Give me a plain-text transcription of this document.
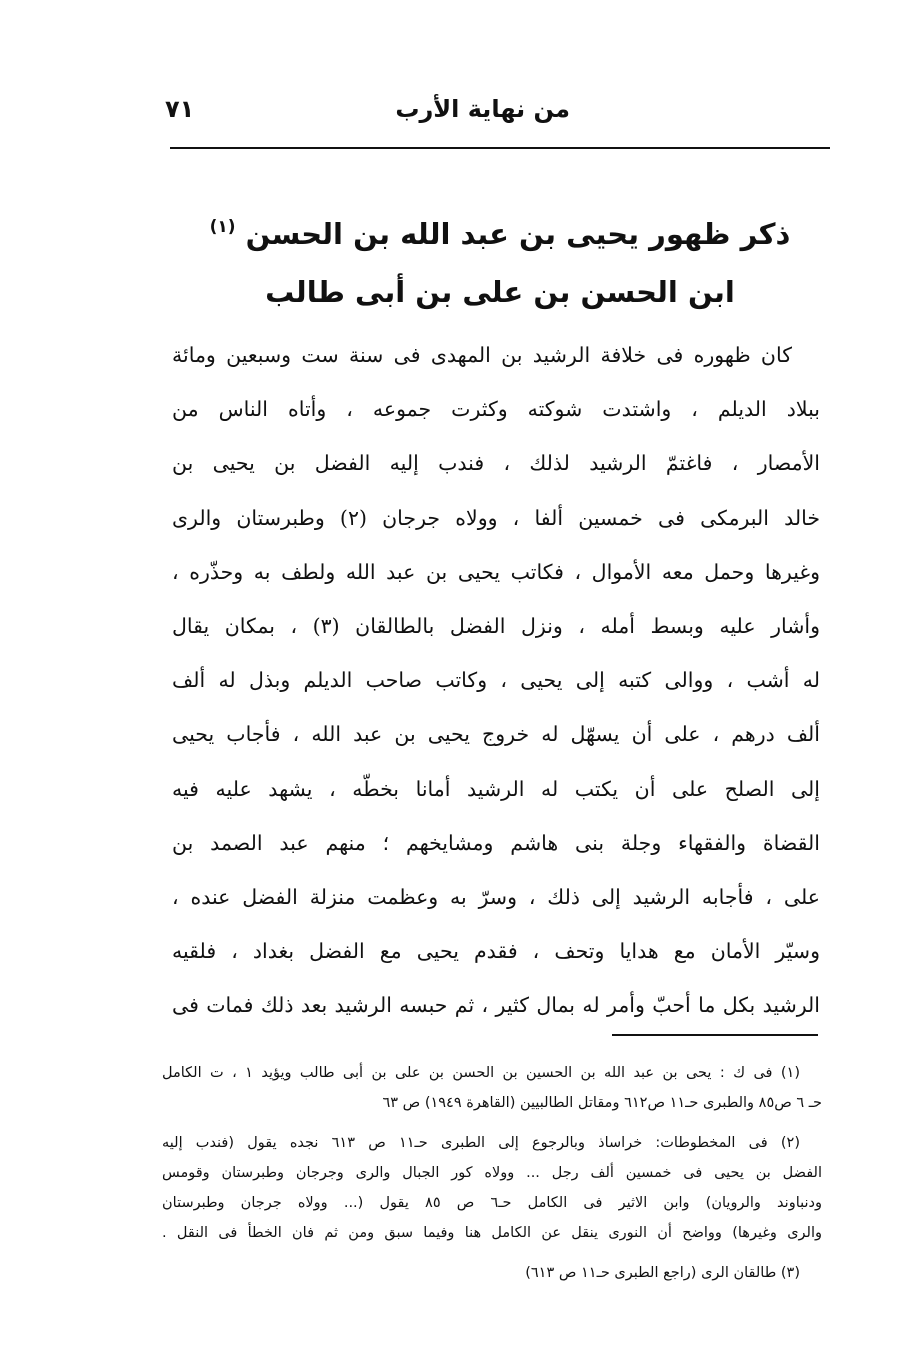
من نهاية الأرب
٧١
ذكر ظهور يحيى بن عبد الله بن الحسن $^{(١)}$
ابن الحسن بن على بن أبى طالب
كان ظهوره فى خلافة الرشيد بن المهدى فى سنة ست وسبعين ومائة
ببلاد الديلم ، واشتدت شوكته وكثرت جموعه ، وأتاه الناس من
الأمصار ، فاغتمّ الرشيد لذلك ، فندب إليه الفضل بن يحيى بن
خالد البرمكى فى خمسين ألفا ، وولاه جرجان (٢) وطبرستان والرى
وغيرها وحمل معه الأموال ، فكاتب يحيى بن عبد الله ولطف به وحذّره ،
وأشار عليه وبسط أمله ، ونزل الفضل بالطالقان (٣) ، بمكان يقال
له أشب ، ووالى كتبه إلى يحيى ، وكاتب صاحب الديلم وبذل له ألف
ألف درهم ، على أن يسهّل له خروج يحيى بن عبد الله ، فأجاب يحيى
إلى الصلح على أن يكتب له الرشيد أمانا بخطّه ، يشهد عليه فيه
القضاة والفقهاء وجلة بنى هاشم ومشايخهم ؛ منهم عبد الصمد بن
على ، فأجابه الرشيد إلى ذلك ، وسرّ به وعظمت منزلة الفضل عنده ،
وسيّر الأمان مع هدايا وتحف ، فقدم يحيى مع الفضل بغداد ، فلقيه
الرشيد بكل ما أحبّ وأمر له بمال كثير ، ثم حبسه الرشيد بعد ذلك فمات فى
(١) فى ك : يحى بن عبد الله بن الحسين بن الحسن بن على بن أبى طالب ويؤيد ١ ، ت الكامل
حـ ٦ ص٨٥ والطبرى حـ١١ ص٦١٢ ومقاتل الطالبيين (القاهرة ١٩٤٩) ص ٦٣
(٢) فى المخطوطات: خراساذ وبالرجوع إلى الطبرى حـ١١ ص ٦١٣ نجده يقول (فندب إليه
الفضل بن يحيى فى خمسين ألف رجل ... وولاه كور الجبال والرى وجرجان وطبرستان وقومس
ودنباوند والرويان) وابن الاثير فى الكامل حـ٦ ص ٨٥ يقول (... وولاه جرجان وطبرستان
والرى وغيرها) وواضح أن النورى ينقل عن الكامل هنا وفيما سبق ومن ثم فان الخطأ فى النقل .
(٣) طالقان الرى (راجع الطبرى حـ١١ ص ٦١٣)
